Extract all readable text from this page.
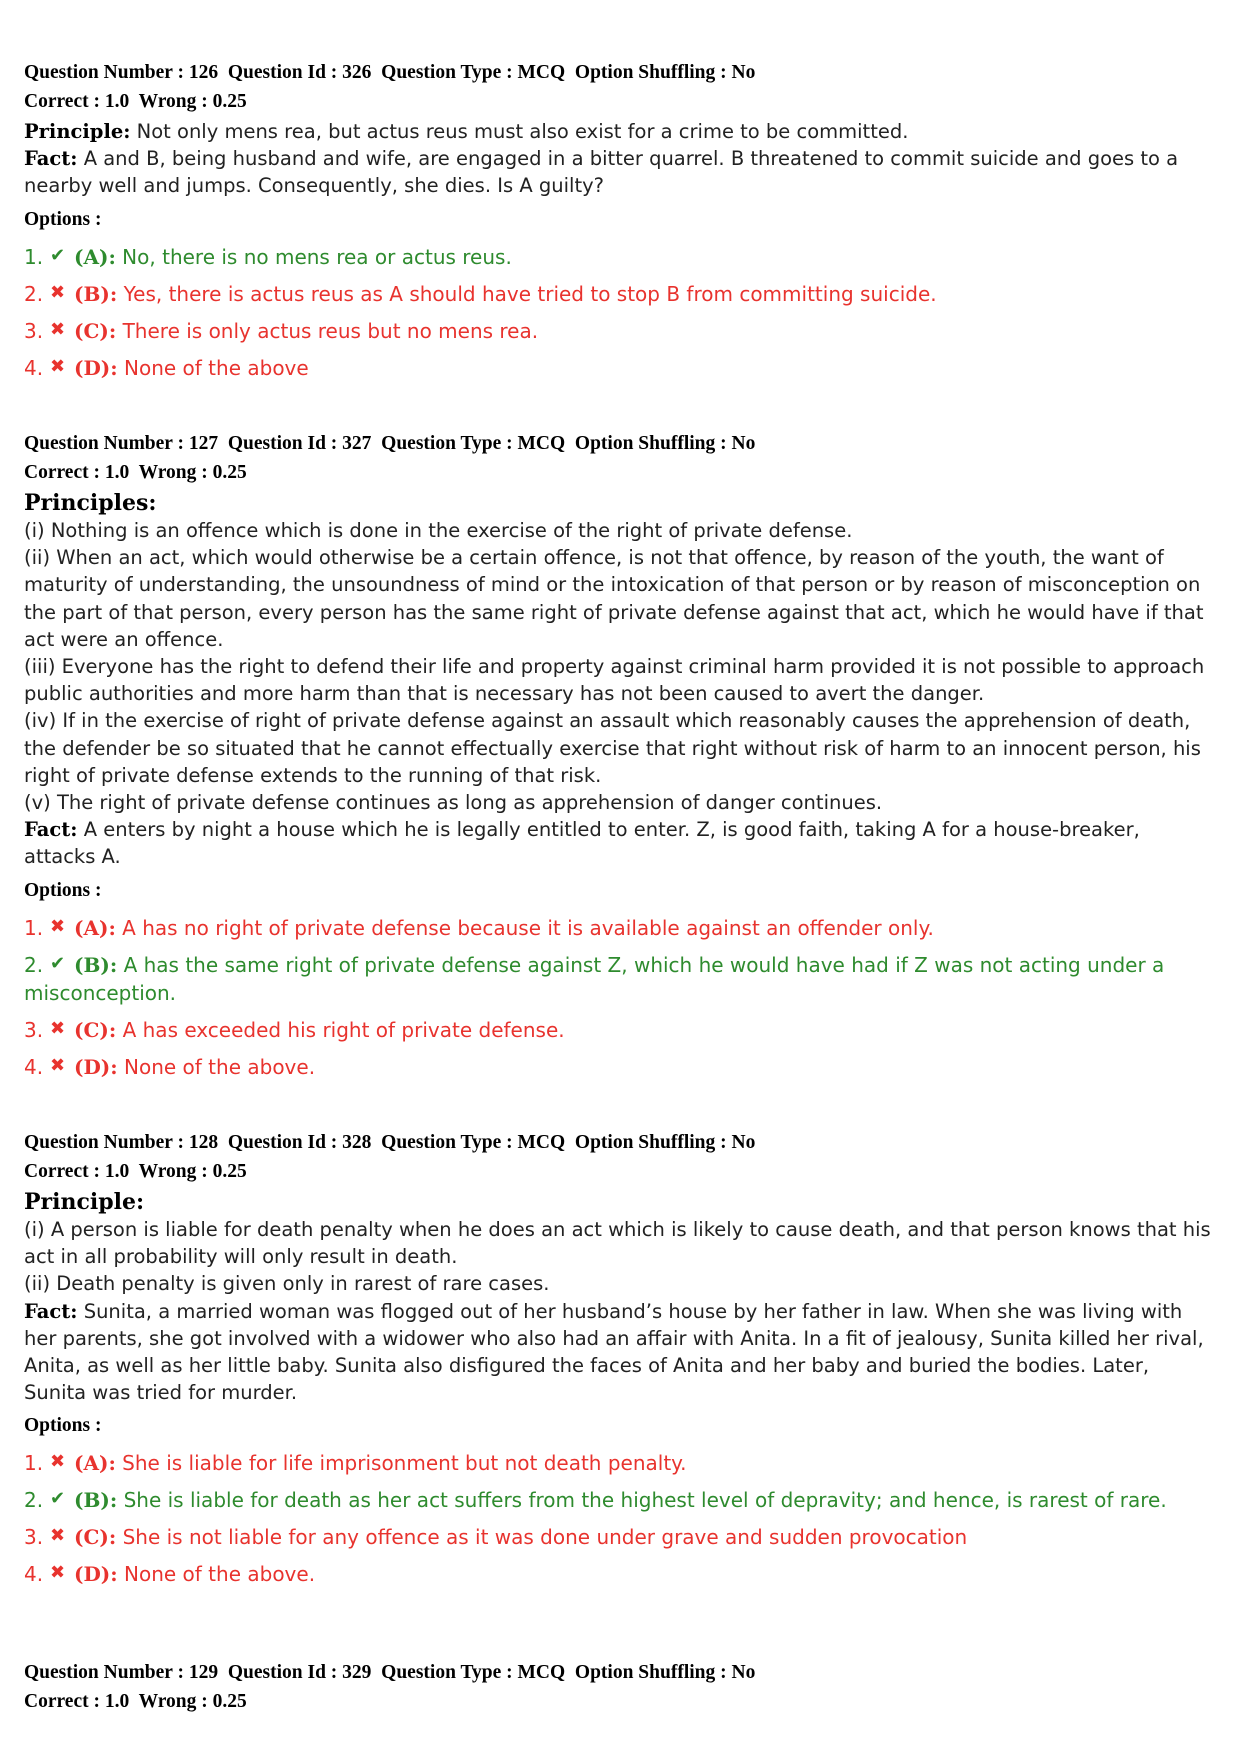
Question Number : 126  Question Id : 326  Question Type : MCQ  Option Shuffling : No
Correct : 1.0  Wrong : 0.25
Principle: Not only mens rea, but actus reus must also exist for a crime to be committed.
Fact: A and B, being husband and wife, are engaged in a bitter quarrel. B threatened to commit suicide and goes to a nearby well and jumps. Consequently, she dies. Is A guilty?
Options :
1. ✔ (A): No, there is no mens rea or actus reus.
2. ✖ (B): Yes, there is actus reus as A should have tried to stop B from committing suicide.
3. ✖ (C): There is only actus reus but no mens rea.
4. ✖ (D): None of the above
Question Number : 127  Question Id : 327  Question Type : MCQ  Option Shuffling : No
Correct : 1.0  Wrong : 0.25
Principles:
(i) Nothing is an offence which is done in the exercise of the right of private defense.
(ii) When an act, which would otherwise be a certain offence, is not that offence, by reason of the youth, the want of maturity of understanding, the unsoundness of mind or the intoxication of that person or by reason of misconception on the part of that person, every person has the same right of private defense against that act, which he would have if that act were an offence.
(iii) Everyone has the right to defend their life and property against criminal harm provided it is not possible to approach public authorities and more harm than that is necessary has not been caused to avert the danger.
(iv) If in the exercise of right of private defense against an assault which reasonably causes the apprehension of death, the defender be so situated that he cannot effectually exercise that right without risk of harm to an innocent person, his right of private defense extends to the running of that risk.
(v) The right of private defense continues as long as apprehension of danger continues.
Fact: A enters by night a house which he is legally entitled to enter. Z, is good faith, taking A for a house-breaker, attacks A.
Options :
1. ✖ (A): A has no right of private defense because it is available against an offender only.
2. ✔ (B): A has the same right of private defense against Z, which he would have had if Z was not acting under a misconception.
3. ✖ (C): A has exceeded his right of private defense.
4. ✖ (D): None of the above.
Question Number : 128  Question Id : 328  Question Type : MCQ  Option Shuffling : No
Correct : 1.0  Wrong : 0.25
Principle:
(i) A person is liable for death penalty when he does an act which is likely to cause death, and that person knows that his act in all probability will only result in death.
(ii) Death penalty is given only in rarest of rare cases.
Fact: Sunita, a married woman was flogged out of her husband’s house by her father in law. When she was living with her parents, she got involved with a widower who also had an affair with Anita. In a fit of jealousy, Sunita killed her rival, Anita, as well as her little baby. Sunita also disfigured the faces of Anita and her baby and buried the bodies. Later, Sunita was tried for murder.
Options :
1. ✖ (A): She is liable for life imprisonment but not death penalty.
2. ✔ (B): She is liable for death as her act suffers from the highest level of depravity; and hence, is rarest of rare.
3. ✖ (C): She is not liable for any offence as it was done under grave and sudden provocation
4. ✖ (D): None of the above.
Question Number : 129  Question Id : 329  Question Type : MCQ  Option Shuffling : No
Correct : 1.0  Wrong : 0.25
